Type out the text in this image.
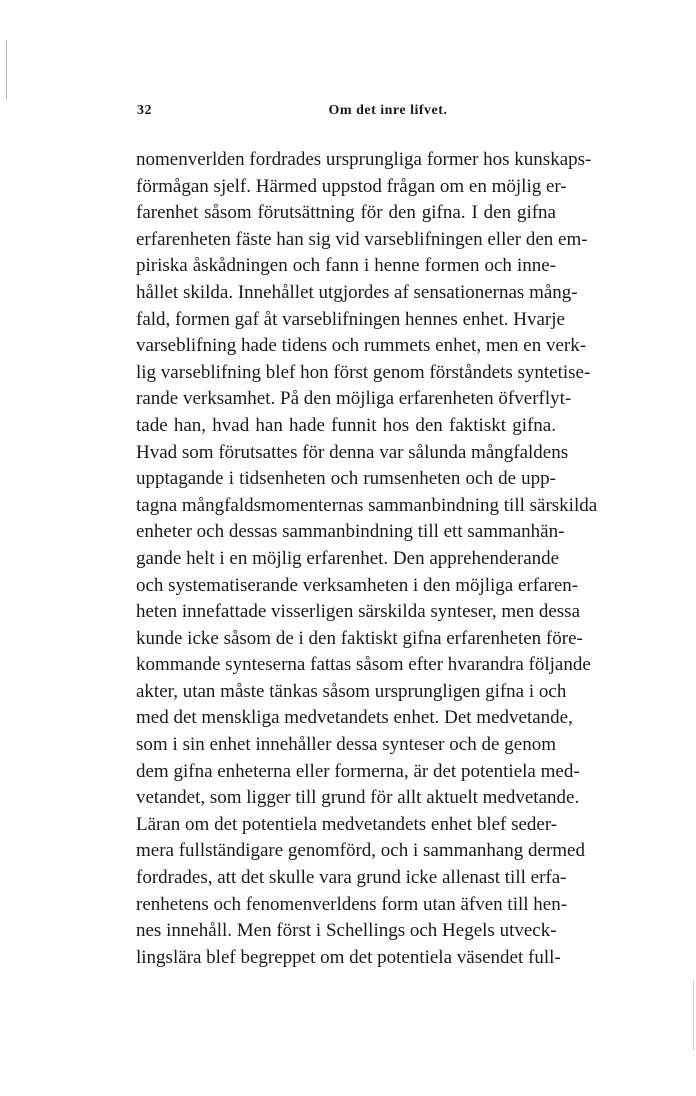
32	Om det inre lifvet.
nomenverlden fordrades ursprungliga former hos kunskaps-
förmågan sjelf. Härmed uppstod frågan om en möjlig er-
farenhet såsom förutsättning för den gifna. I den gifna
erfarenheten fäste han sig vid varseblifningen eller den em-
piriska åskådningen och fann i henne formen och inne-
hållet skilda. Innehållet utgjordes af sensationernas mång-
fald, formen gaf åt varseblifningen hennes enhet. Hvarje
varseblifning hade tidens och rummets enhet, men en verk-
lig varseblifning blef hon först genom förståndets syntetise-
rande verksamhet. På den möjliga erfarenheten öfverflyt-
tade han, hvad han hade funnit hos den faktiskt gifna.
Hvad som förutsattes för denna var sålunda mångfaldens
upptagande i tidsenheten och rumsenheten och de upp-
tagna mångfaldsmomenternas sammanbindning till särskilda
enheter och dessas sammanbindning till ett sammanhän-
gande helt i en möjlig erfarenhet. Den apprehenderande
och systematiserande verksamheten i den möjliga erfaren-
heten innefattade visserligen särskilda synteser, men dessa
kunde icke såsom de i den faktiskt gifna erfarenheten före-
kommande synteserna fattas såsom efter hvarandra följande
akter, utan måste tänkas såsom ursprungligen gifna i och
med det menskliga medvetandets enhet. Det medvetande,
som i sin enhet innehåller dessa synteser och de genom
dem gifna enheterna eller formerna, är det potentiela med-
vetandet, som ligger till grund för allt aktuelt medvetande.
Läran om det potentiela medvetandets enhet blef seder-
mera fullständigare genomförd, och i sammanhang dermed
fordrades, att det skulle vara grund icke allenast till erfa-
renhetens och fenomenverldens form utan äfven till hen-
nes innehåll. Men först i Schellings och Hegels utveck-
lingslära blef begreppet om det potentiela väsendet full-
